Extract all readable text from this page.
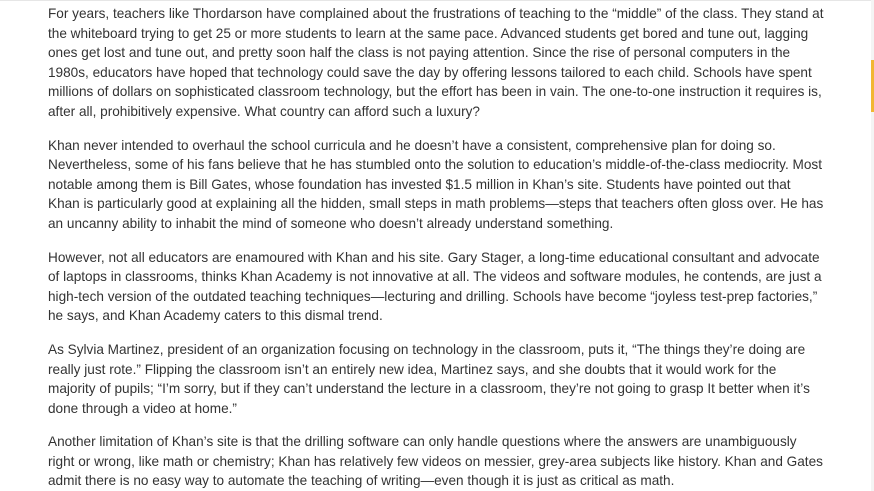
For years, teachers like Thordarson have complained about the frustrations of teaching to the “middle” of the class. They stand at the whiteboard trying to get 25 or more students to learn at the same pace. Advanced students get bored and tune out, lagging ones get lost and tune out, and pretty soon half the class is not paying attention. Since the rise of personal computers in the 1980s, educators have hoped that technology could save the day by offering lessons tailored to each child. Schools have spent millions of dollars on sophisticated classroom technology, but the effort has been in vain. The one-to-one instruction it requires is, after all, prohibitively expensive. What country can afford such a luxury?

Khan never intended to overhaul the school curricula and he doesn’t have a consistent, comprehensive plan for doing so. Nevertheless, some of his fans believe that he has stumbled onto the solution to education’s middle-of-the-class mediocrity. Most notable among them is Bill Gates, whose foundation has invested $1.5 million in Khan’s site. Students have pointed out that Khan is particularly good at explaining all the hidden, small steps in math problems—steps that teachers often gloss over. He has an uncanny ability to inhabit the mind of someone who doesn’t already understand something.

However, not all educators are enamoured with Khan and his site. Gary Stager, a long-time educational consultant and advocate of laptops in classrooms, thinks Khan Academy is not innovative at all. The videos and software modules, he contends, are just a high-tech version of the outdated teaching techniques—lecturing and drilling. Schools have become “joyless test-prep factories,” he says, and Khan Academy caters to this dismal trend.

As Sylvia Martinez, president of an organization focusing on technology in the classroom, puts it, “The things they’re doing are really just rote.” Flipping the classroom isn’t an entirely new idea, Martinez says, and she doubts that it would work for the majority of pupils; “I’m sorry, but if they can’t understand the lecture in a classroom, they’re not going to grasp It better when it’s done through a video at home.”

Another limitation of Khan’s site is that the drilling software can only handle questions where the answers are unambiguously right or wrong, like math or chemistry; Khan has relatively few videos on messier, grey-area subjects like history. Khan and Gates admit there is no easy way to automate the teaching of writing—even though it is just as critical as math.
